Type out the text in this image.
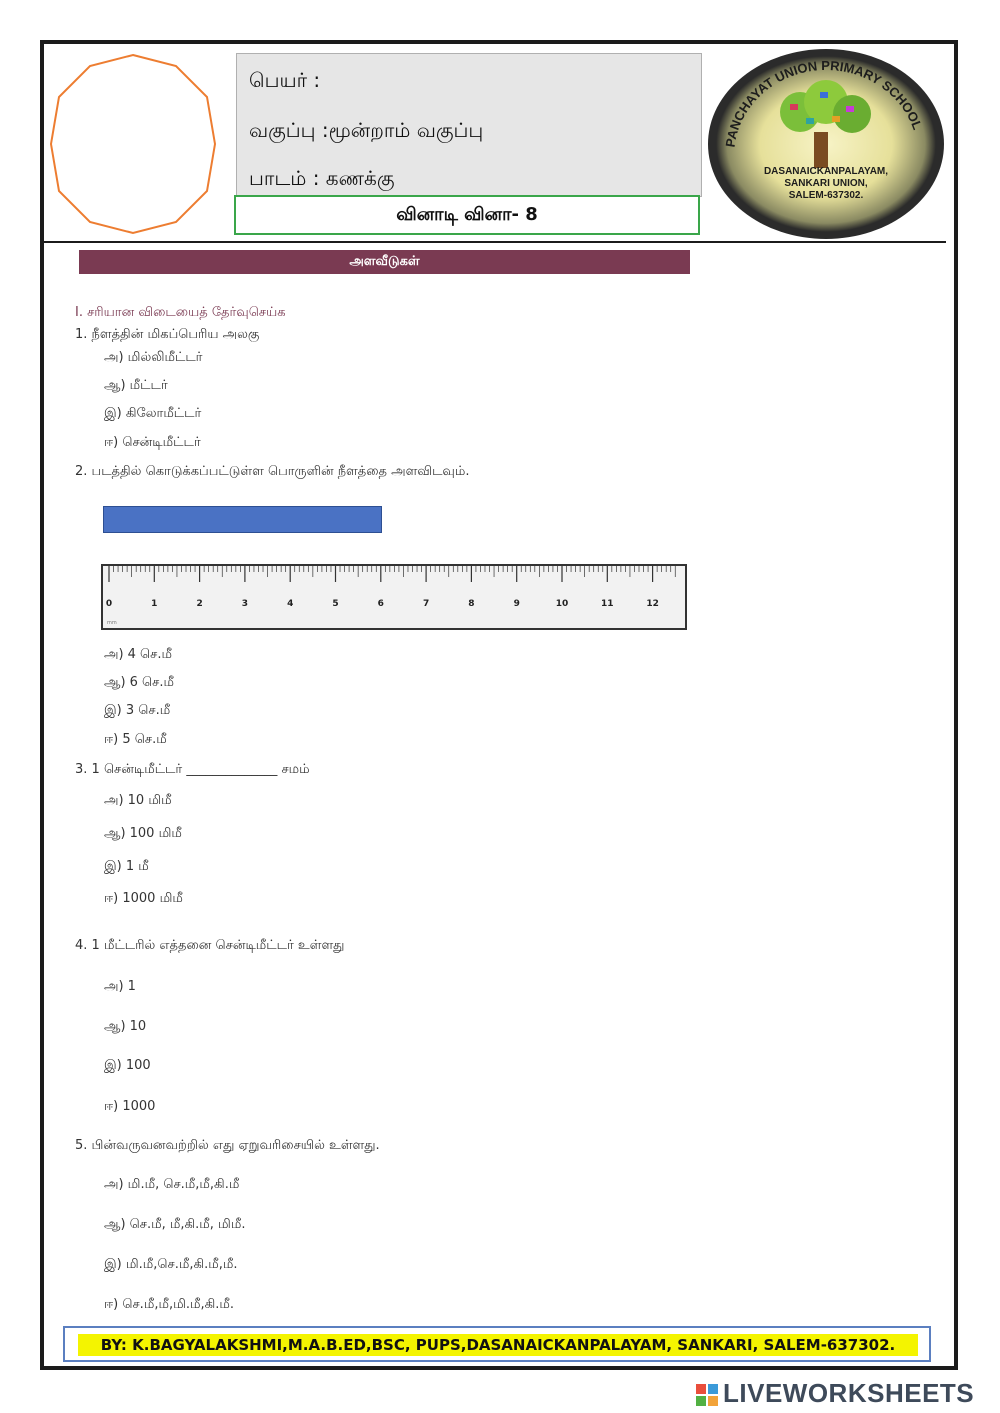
பெயர் :
வகுப்பு :மூன்றாம் வகுப்பு
பாடம் : கணக்கு
வினாடி வினா- 8
PANCHAYAT UNION PRIMARY SCHOOL
DASANAICKANPALAYAM,
SANKARI UNION,
SALEM-637302.
அளவீடுகள்
I. சரியான விடையைத் தேர்வுசெய்க
1. நீளத்தின் மிகப்பெரிய அலகு
அ) மில்லிமீட்டர்
ஆ) மீட்டர்
இ) கிலோமீட்டர்
ஈ) சென்டிமீட்டர்
2. படத்தில் கொடுக்கப்பட்டுள்ள பொருளின் நீளத்தை அளவிடவும்.
0	1	2	3	4	5	6	7	8	9	10	11	12
mm
அ) 4 செ.மீ
ஆ) 6 செ.மீ
இ) 3 செ.மீ
ஈ) 5 செ.மீ
3. 1 சென்டிமீட்டர் ______________ சமம்
அ) 10 மிமீ
ஆ) 100 மிமீ
இ) 1 மீ
ஈ) 1000 மிமீ
4. 1 மீட்டரில் எத்தனை சென்டிமீட்டர் உள்ளது
அ) 1
ஆ) 10
இ) 100
ஈ) 1000
5. பின்வருவனவற்றில் எது ஏறுவரிசையில் உள்ளது.
அ) மி.மீ, செ.மீ,மீ,கி.மீ
ஆ) செ.மீ, மீ,கி.மீ, மிமீ.
இ) மி.மீ,செ.மீ,கி.மீ,மீ.
ஈ) செ.மீ,மீ,மி.மீ,கி.மீ.
BY: K.BAGYALAKSHMI,M.A.B.ED,BSC, PUPS,DASANAICKANPALAYAM, SANKARI, SALEM-637302.
LIVEWORKSHEETS
